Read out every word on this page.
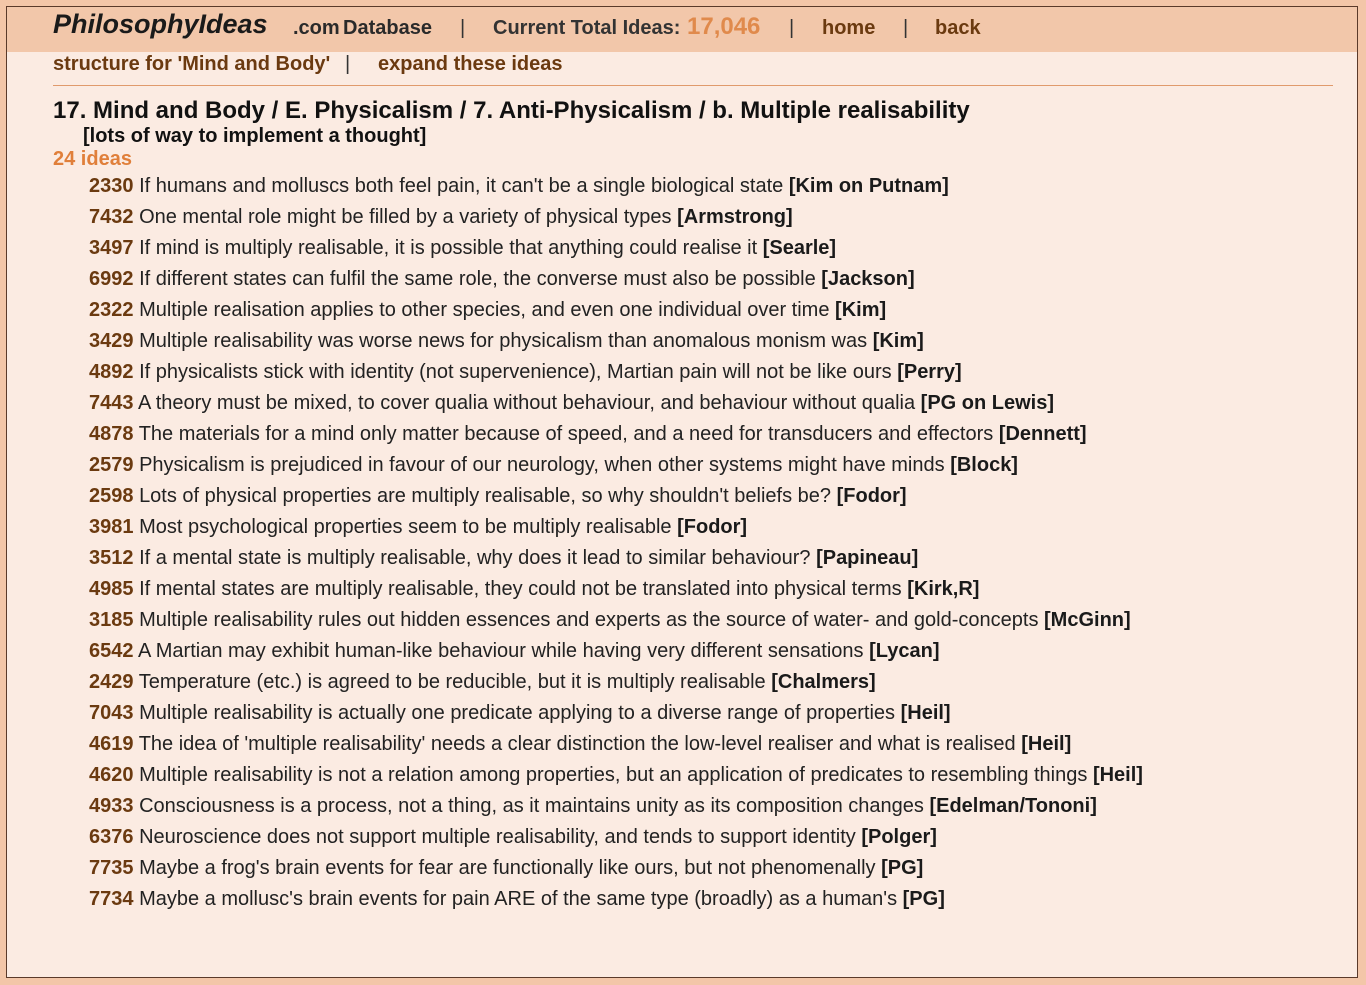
PhilosophyIdeas .com Database | Current Total Ideas: 17,046 | home | back
structure for 'Mind and Body' | expand these ideas
17. Mind and Body / E. Physicalism / 7. Anti-Physicalism / b. Multiple realisability
[lots of way to implement a thought]
24 ideas
2330 If humans and molluscs both feel pain, it can't be a single biological state [Kim on Putnam]
7432 One mental role might be filled by a variety of physical types [Armstrong]
3497 If mind is multiply realisable, it is possible that anything could realise it [Searle]
6992 If different states can fulfil the same role, the converse must also be possible [Jackson]
2322 Multiple realisation applies to other species, and even one individual over time [Kim]
3429 Multiple realisability was worse news for physicalism than anomalous monism was [Kim]
4892 If physicalists stick with identity (not supervenience), Martian pain will not be like ours [Perry]
7443 A theory must be mixed, to cover qualia without behaviour, and behaviour without qualia [PG on Lewis]
4878 The materials for a mind only matter because of speed, and a need for transducers and effectors [Dennett]
2579 Physicalism is prejudiced in favour of our neurology, when other systems might have minds [Block]
2598 Lots of physical properties are multiply realisable, so why shouldn't beliefs be? [Fodor]
3981 Most psychological properties seem to be multiply realisable [Fodor]
3512 If a mental state is multiply realisable, why does it lead to similar behaviour? [Papineau]
4985 If mental states are multiply realisable, they could not be translated into physical terms [Kirk,R]
3185 Multiple realisability rules out hidden essences and experts as the source of water- and gold-concepts [McGinn]
6542 A Martian may exhibit human-like behaviour while having very different sensations [Lycan]
2429 Temperature (etc.) is agreed to be reducible, but it is multiply realisable [Chalmers]
7043 Multiple realisability is actually one predicate applying to a diverse range of properties [Heil]
4619 The idea of 'multiple realisability' needs a clear distinction the low-level realiser and what is realised [Heil]
4620 Multiple realisability is not a relation among properties, but an application of predicates to resembling things [Heil]
4933 Consciousness is a process, not a thing, as it maintains unity as its composition changes [Edelman/Tononi]
6376 Neuroscience does not support multiple realisability, and tends to support identity [Polger]
7735 Maybe a frog's brain events for fear are functionally like ours, but not phenomenally [PG]
7734 Maybe a mollusc's brain events for pain ARE of the same type (broadly) as a human's [PG]
